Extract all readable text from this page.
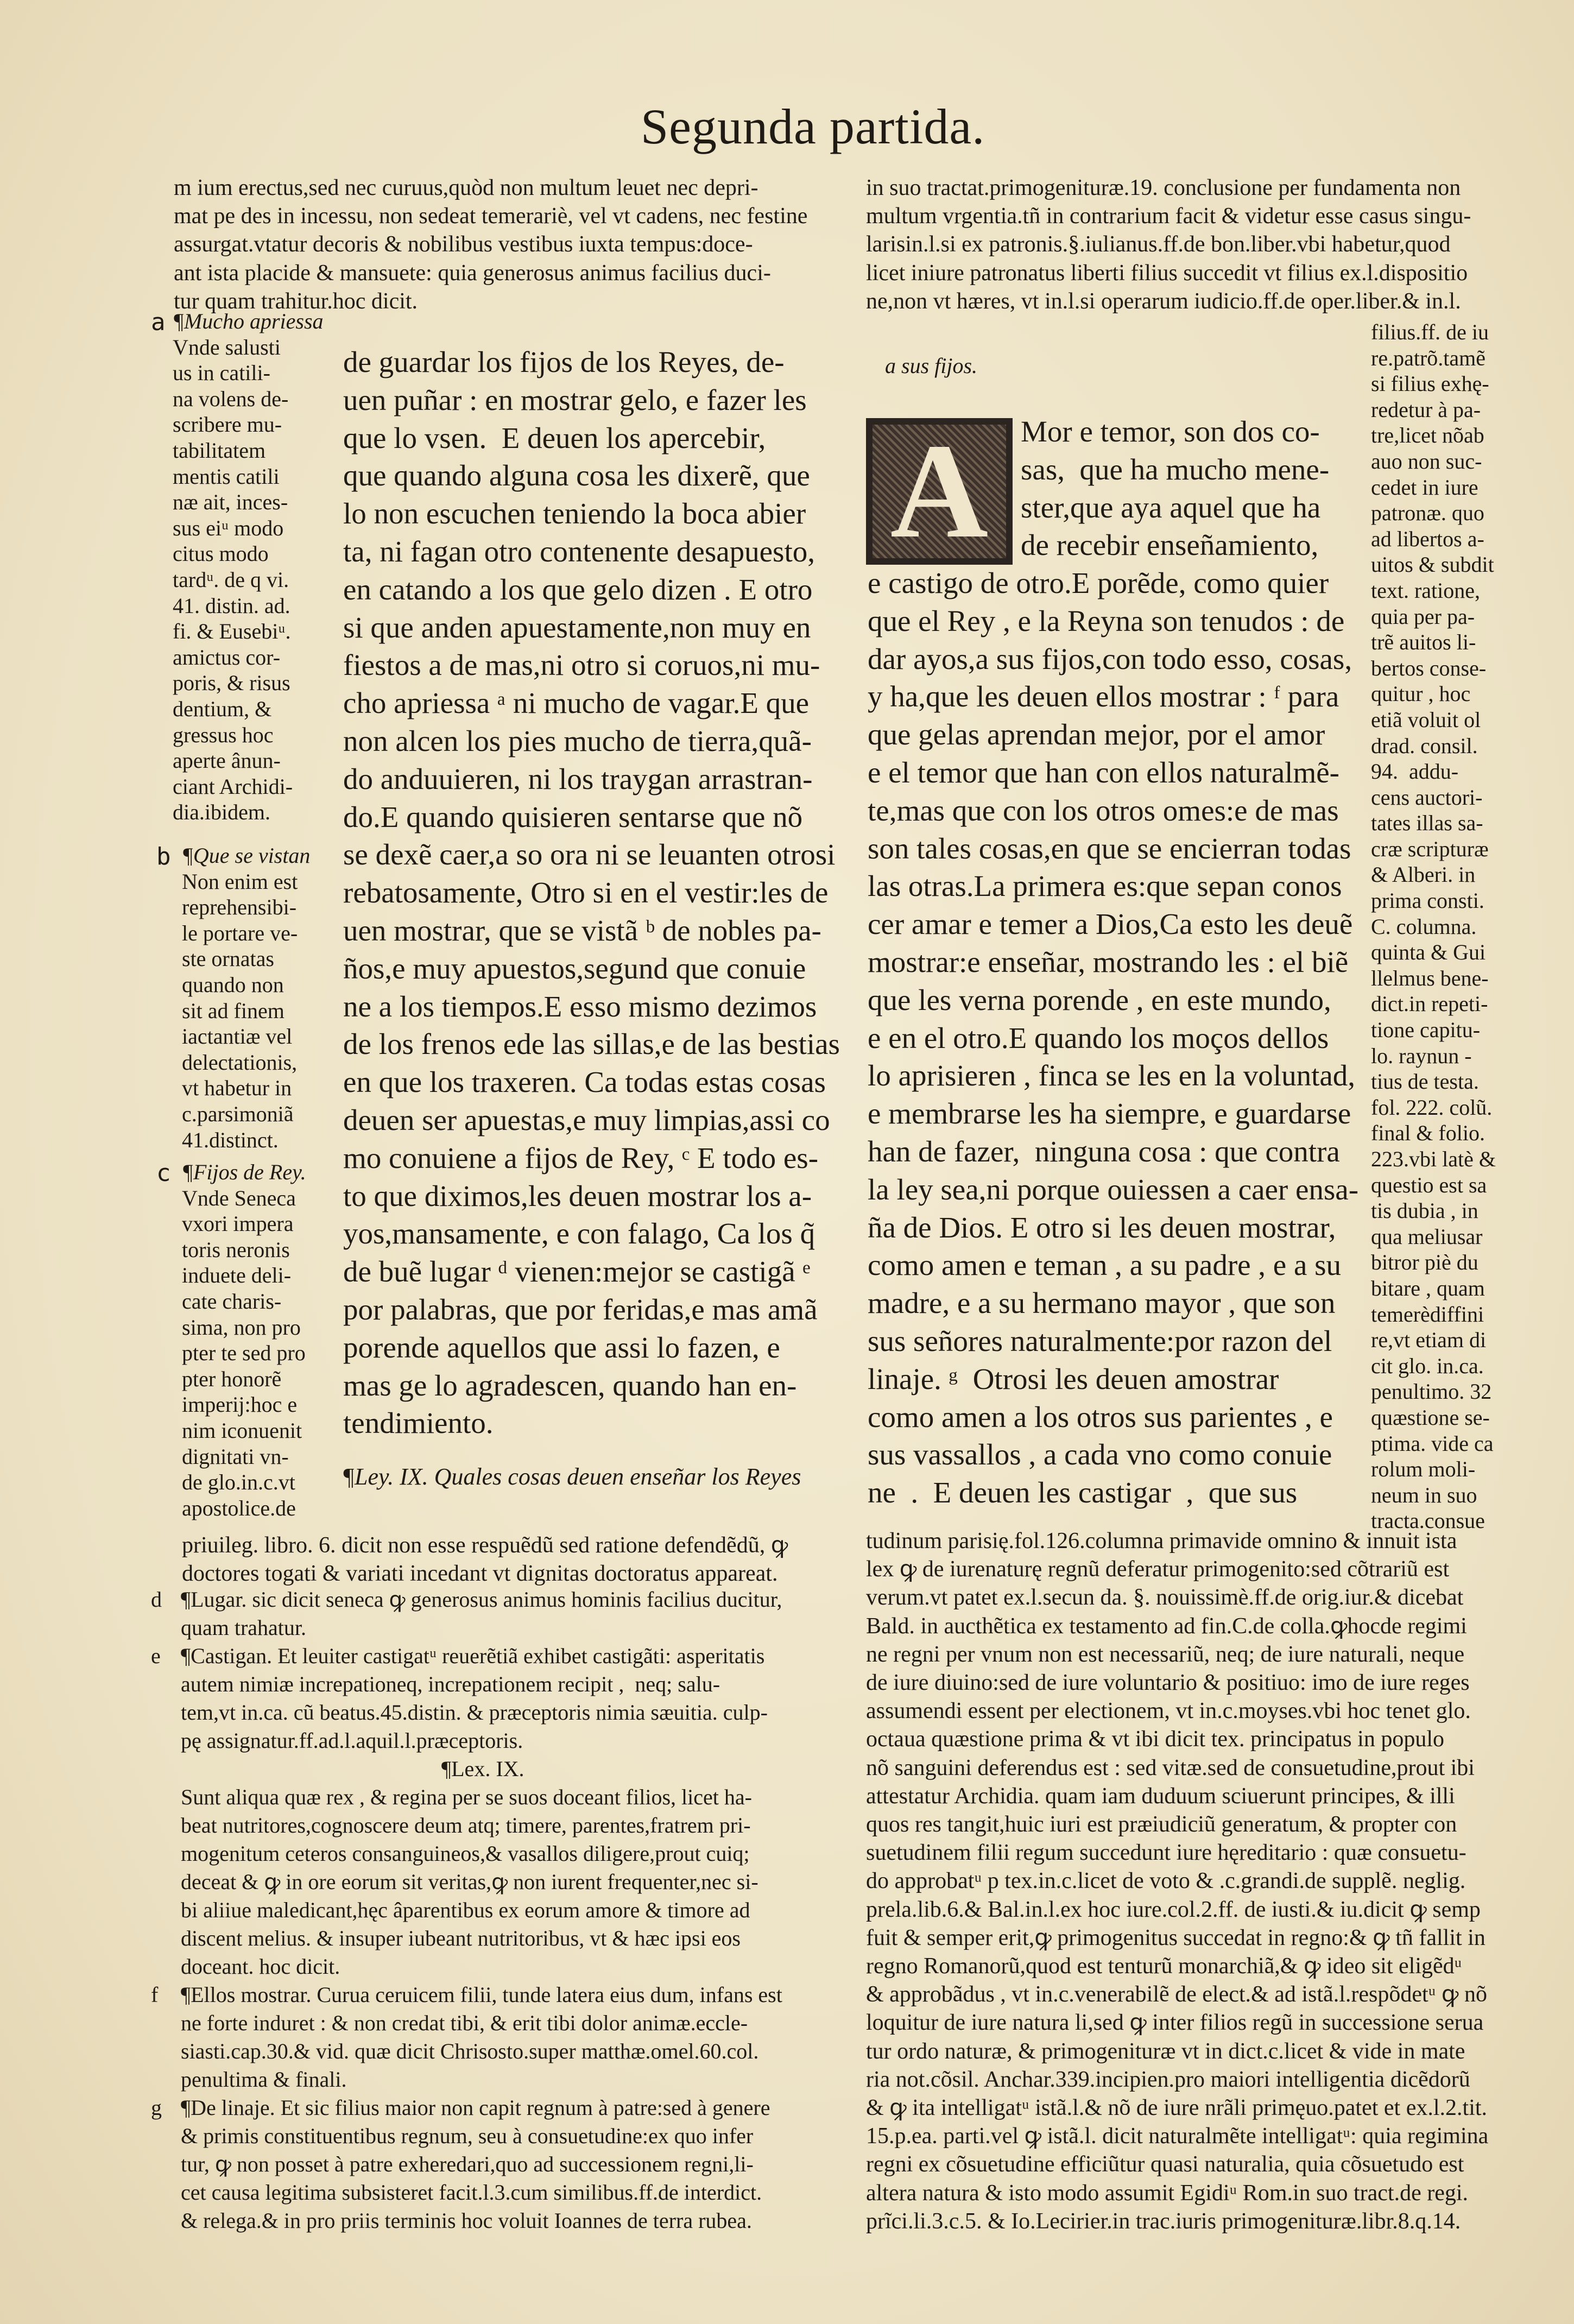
Segunda partida.
m ium erectus,sed nec curuus,quòd non multum leuet nec depri-
mat pe des in incessu, non sedeat temerariè, vel vt cadens, nec festine
assurgat.vtatur decoris & nobilibus vestibus iuxta tempus:doce-
ant ista placide & mansuete: quia generosus animus facilius duci-
tur quam trahitur.hoc dicit.
a ¶Mucho apriessa
Vnde salusti
us in catili-
na volens de-
scribere mu-
tabilitatem
mentis catili
næ ait, inces-
sus eiᵘ modo
citus modo
tardᵘ. de q vi.
41. distin. ad.
fi. & Eusebiᵘ.
amictus cor-
poris, & risus
dentium, &
gressus hoc
aperte ânun-
ciant Archidi-
dia.ibidem.
b ¶Que se vistan
Non enim est
reprehensibi-
le portare ve-
ste ornatas
quando non
sit ad finem
iactantiæ vel
delectationis,
vt habetur in
c.parsimoniã
41.distinct.
c ¶Fijos de Rey.
Vnde Seneca
vxori impera
toris neronis
induete deli-
cate charis-
sima, non pro
pter te sed pro
pter honorẽ
imperij:hoc e
nim iconuenit
dignitati vn-
de glo.in.c.vt
apostolice.de
de guardar los fijos de los Reyes, de-
uen puñar : en mostrar gelo, e fazer les
que lo vsen.  E deuen los apercebir,
que quando alguna cosa les dixerẽ, que
lo non escuchen teniendo la boca abier
ta, ni fagan otro contenente desapuesto,
en catando a los que gelo dizen . E otro
si que anden apuestamente,non muy en
fiestos a de mas,ni otro si coruos,ni mu-
cho apriessa ᵃ ni mucho de vagar.E que
non alcen los pies mucho de tierra,quã-
do anduuieren, ni los traygan arrastran-
do.E quando quisieren sentarse que nõ
se dexẽ caer,a so ora ni se leuanten otrosi
rebatosamente, Otro si en el vestir:les de
uen mostrar, que se vistã ᵇ de nobles pa-
ños,e muy apuestos,segund que conuie
ne a los tiempos.E esso mismo dezimos
de los frenos ede las sillas,e de las bestias
en que los traxeren. Ca todas estas cosas
deuen ser apuestas,e muy limpias,assi co
mo conuiene a fijos de Rey, ᶜ E todo es-
to que diximos,les deuen mostrar los a-
yos,mansamente, e con falago, Ca los q̃
de buẽ lugar ᵈ vienen:mejor se castigã ᵉ
por palabras, que por feridas,e mas amã
porende aquellos que assi lo fazen, e
mas ge lo agradescen, quando han en-
tendimiento.
¶Ley. IX. Quales cosas deuen enseñar los Reyes
priuileg. libro. 6. dicit non esse respuẽdũ sed ratione defendẽdũ, ꝙ
doctores togati & variati incedant vt dignitas doctoratus appareat.
d ¶Lugar. sic dicit seneca ꝙ generosus animus hominis facilius ducitur,
quam trahatur.
e ¶Castigan. Et leuiter castigatᵘ reuerẽtiã exhibet castigãti: asperitatis
autem nimiæ increpationeq, increpationem recipit ,  neq; salu-
tem,vt in.ca. cũ beatus.45.distin. & præceptoris nimia sæuitia. culp-
pę assignatur.ff.ad.l.aquil.l.præceptoris.
¶Lex. IX.
Sunt aliqua quæ rex , & regina per se suos doceant filios, licet ha-
beat nutritores,cognoscere deum atq; timere, parentes,fratrem pri-
mogenitum ceteros consanguineos,& vasallos diligere,prout cuiq;
deceat & ꝙ in ore eorum sit veritas,ꝙ non iurent frequenter,nec si-
bi aliiue maledicant,hęc âparentibus ex eorum amore & timore ad
discent melius. & insuper iubeant nutritoribus, vt & hæc ipsi eos
doceant. hoc dicit.
f ¶Ellos mostrar. Curua ceruicem filii, tunde latera eius dum, infans est
ne forte induret : & non credat tibi, & erit tibi dolor animæ.eccle-
siasti.cap.30.& vid. quæ dicit Chrisosto.super matthæ.omel.60.col.
penultima & finali.
g ¶De linaje. Et sic filius maior non capit regnum à patre:sed à genere
& primis constituentibus regnum, seu à consuetudine:ex quo infer
tur, ꝙ non posset à patre exheredari,quo ad successionem regni,li-
cet causa legitima subsisteret facit.l.3.cum similibus.ff.de interdict.
& relega.& in pro priis terminis hoc voluit Ioannes de terra rubea.
in suo tractat.primogenituræ.19. conclusione per fundamenta non
multum vrgentia.tñ in contrarium facit & videtur esse casus singu-
larisin.l.si ex patronis.§.iulianus.ff.de bon.liber.vbi habetur,quod
licet iniure patronatus liberti filius succedit vt filius ex.l.dispositio
ne,non vt hæres, vt in.l.si operarum iudicio.ff.de oper.liber.& in.l.
a sus fijos.
A	Mor e temor, son dos co-
sas,  que ha mucho mene-
ster,que aya aquel que ha
de recebir enseñamiento,
e castigo de otro.E porẽde, como quier
que el Rey , e la Reyna son tenudos : de
dar ayos,a sus fijos,con todo esso, cosas,
y ha,que les deuen ellos mostrar : ᶠ para
que gelas aprendan mejor, por el amor
e el temor que han con ellos naturalmẽ-
te,mas que con los otros omes:e de mas
son tales cosas,en que se encierran todas
las otras.La primera es:que sepan conos
cer amar e temer a Dios,Ca esto les deuẽ
mostrar:e enseñar, mostrando les : el biẽ
que les verna porende , en este mundo,
e en el otro.E quando los moços dellos
lo aprisieren , finca se les en la voluntad,
e membrarse les ha siempre, e guardarse
han de fazer,  ninguna cosa : que contra
la ley sea,ni porque ouiessen a caer ensa-
ña de Dios. E otro si les deuen mostrar,
como amen e teman , a su padre , e a su
madre, e a su hermano mayor , que son
sus señores naturalmente:por razon del
linaje. ᵍ  Otrosi les deuen amostrar
como amen a los otros sus parientes , e
sus vassallos , a cada vno como conuie
ne  .  E deuen les castigar  ,  que sus
filius.ff. de iu
re.patrõ.tamẽ
si filius exhę-
redetur à pa-
tre,licet nõab
auo non suc-
cedet in iure
patronæ. quo
ad libertos a-
uitos & subdit
text. ratione,
quia per pa-
trẽ auitos li-
bertos conse-
quitur , hoc
etiã voluit ol
drad. consil.
94.  addu-
cens auctori-
tates illas sa-
cræ scripturæ
& Alberi. in
prima consti.
C. columna.
quinta & Gui
llelmus bene-
dict.in repeti-
tione capitu-
lo. raynun -
tius de testa.
fol. 222. colũ.
final & folio.
223.vbi latè &
questio est sa
tis dubia , in
qua meliusar
bitror piè du
bitare , quam
temerèdiffini
re,vt etiam di
cit glo. in.ca.
penultimo. 32
quæstione se-
ptima. vide ca
rolum moli-
neum in suo
tracta.consue
tudinum parisię.fol.126.columna primavide omnino & innuit ista
lex ꝙ de iurenaturę regnũ deferatur primogenito:sed cõtrariũ est
verum.vt patet ex.l.secun da. §. nouissimè.ff.de orig.iur.& dicebat
Bald. in aucthẽtica ex testamento ad fin.C.de colla.ꝙhocde regimi
ne regni per vnum non est necessariũ, neq; de iure naturali, neque
de iure diuino:sed de iure voluntario & positiuo: imo de iure reges
assumendi essent per electionem, vt in.c.moyses.vbi hoc tenet glo.
octaua quæstione prima & vt ibi dicit tex. principatus in populo
nõ sanguini deferendus est : sed vitæ.sed de consuetudine,prout ibi
attestatur Archidia. quam iam duduum sciuerunt principes, & illi
quos res tangit,huic iuri est præiudiciũ generatum, & propter con
suetudinem filii regum succedunt iure hęreditario : quæ consuetu-
do approbatᵘ p tex.in.c.licet de voto & .c.grandi.de supplẽ. neglig.
prela.lib.6.& Bal.in.l.ex hoc iure.col.2.ff. de iusti.& iu.dicit ꝙ semp
fuit & semper erit,ꝙ primogenitus succedat in regno:& ꝙ tñ fallit in
regno Romanorũ,quod est tenturũ monarchiã,& ꝙ ideo sit eligẽdᵘ
& approbãdus , vt in.c.venerabilẽ de elect.& ad istã.l.respõdetᵘ ꝙ nõ
loquitur de iure natura li,sed ꝙ inter filios regũ in successione serua
tur ordo naturæ, & primogenituræ vt in dict.c.licet & vide in mate
ria not.cõsil. Anchar.339.incipien.pro maiori intelligentia dicẽdorũ
& ꝙ ita intelligatᵘ istã.l.& nõ de iure nrãli primęuo.patet et ex.l.2.tit.
15.p.ea. parti.vel ꝙ istã.l. dicit naturalmẽte intelligatᵘ: quia regimina
regni ex cõsuetudine efficiũtur quasi naturalia, quia cõsuetudo est
altera natura & isto modo assumit Egidiᵘ Rom.in suo tract.de regi.
prĩci.li.3.c.5. & Io.Lecirier.in trac.iuris primogenituræ.libr.8.q.14.
